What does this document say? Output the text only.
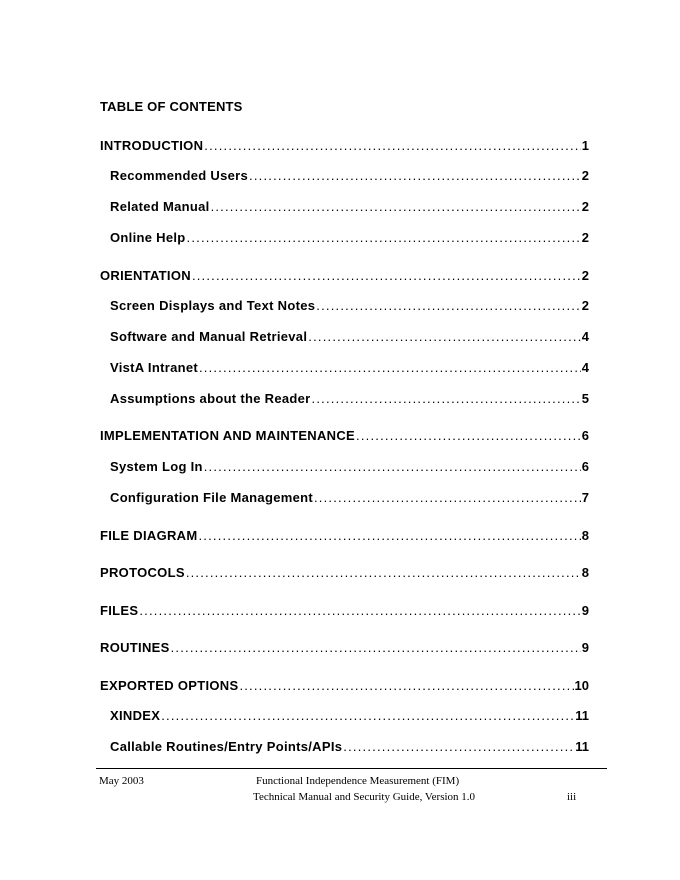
TABLE OF CONTENTS
INTRODUCTION .....	1
Recommended Users .....	2
Related Manual .....	2
Online Help .....	2
ORIENTATION .....	2
Screen Displays and Text Notes .....	2
Software and Manual Retrieval .....	4
VistA Intranet .....	4
Assumptions about the Reader .....	5
IMPLEMENTATION AND MAINTENANCE .....	6
System Log In .....	6
Configuration File Management .....	7
FILE DIAGRAM .....	8
PROTOCOLS .....	8
FILES .....	9
ROUTINES .....	9
EXPORTED OPTIONS .....	10
XINDEX .....	11
Callable Routines/Entry Points/APIs .....	11
May 2003	Functional Independence Measurement (FIM)
Technical Manual and Security Guide, Version 1.0	iii
